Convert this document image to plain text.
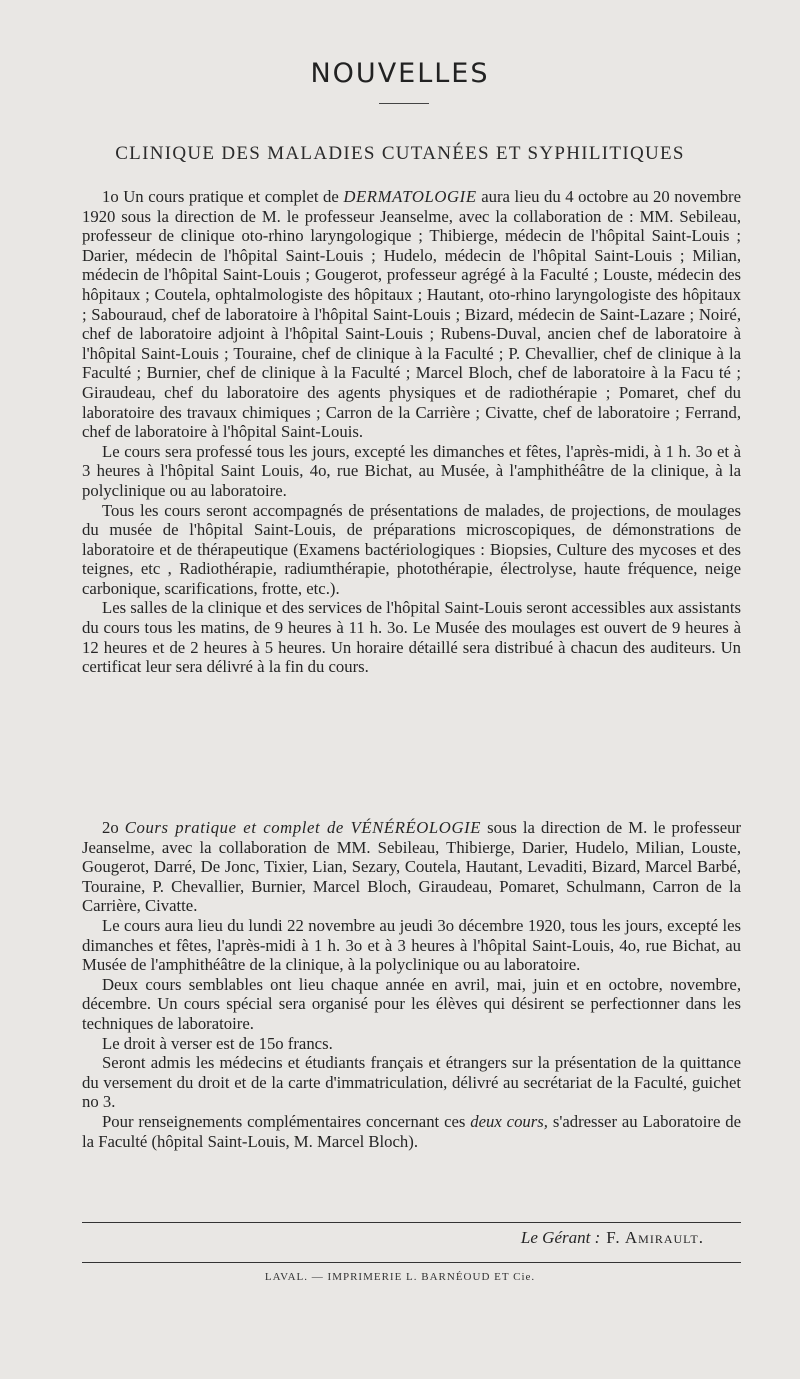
NOUVELLES
CLINIQUE DES MALADIES CUTANÉES ET SYPHILITIQUES

1o Un cours pratique et complet de DERMATOLOGIE aura lieu du 4 octobre au 20 novembre 1920 sous la direction de M. le professeur Jeanselme, avec la collaboration de : MM. Sebileau, professeur de clinique oto-rhino laryngologique ; Thibierge, médecin de l'hôpital Saint-Louis ; Darier, médecin de l'hôpital Saint-Louis ; Hudelo, médecin de l'hôpital Saint-Louis ; Milian, médecin de l'hôpital Saint-Louis ; Gougerot, professeur agrégé à la Faculté ; Louste, médecin des hôpitaux ; Coutela, ophtalmologiste des hôpitaux ; Hautant, oto-rhino laryngologiste des hôpitaux ; Sabouraud, chef de laboratoire à l'hôpital Saint-Louis ; Bizard, médecin de Saint-Lazare ; Noiré, chef de laboratoire adjoint à l'hôpital Saint-Louis ; Rubens-Duval, ancien chef de laboratoire à l'hôpital Saint-Louis ; Touraine, chef de clinique à la Faculté ; P. Chevallier, chef de clinique à la Faculté ; Burnier, chef de clinique à la Faculté ; Marcel Bloch, chef de laboratoire à la Facu té ; Giraudeau, chef du laboratoire des agents physiques et de radiothérapie ; Pomaret, chef du laboratoire des travaux chimiques ; Carron de la Carrière ; Civatte, chef de laboratoire ; Ferrand, chef de laboratoire à l'hôpital Saint-Louis.

Le cours sera professé tous les jours, excepté les dimanches et fêtes, l'après-midi, à 1 h. 3o et à 3 heures à l'hôpital Saint Louis, 4o, rue Bichat, au Musée, à l'amphithéâtre de la clinique, à la polyclinique ou au laboratoire.

Tous les cours seront accompagnés de présentations de malades, de projections, de moulages du musée de l'hôpital Saint-Louis, de préparations microscopiques, de démonstrations de laboratoire et de thérapeutique (Examens bactériologiques : Biopsies, Culture des mycoses et des teignes, etc , Radiothérapie, radiumthérapie, photothérapie, électrolyse, haute fréquence, neige carbonique, scarifications, frotte, etc.).

Les salles de la clinique et des services de l'hôpital Saint-Louis seront accessibles aux assistants du cours tous les matins, de 9 heures à 11 h. 3o. Le Musée des moulages est ouvert de 9 heures à 12 heures et de 2 heures à 5 heures. Un horaire détaillé sera distribué à chacun des auditeurs. Un certificat leur sera délivré à la fin du cours.

2o Cours pratique et complet de VÉNÉRÉOLOGIE sous la direction de M. le professeur Jeanselme, avec la collaboration de MM. Sebileau, Thibierge, Darier, Hudelo, Milian, Louste, Gougerot, Darré, De Jonc, Tixier, Lian, Sezary, Coutela, Hautant, Levaditi, Bizard, Marcel Barbé, Touraine, P. Chevallier, Burnier, Marcel Bloch, Giraudeau, Pomaret, Schulmann, Carron de la Carrière, Civatte.

Le cours aura lieu du lundi 22 novembre au jeudi 3o décembre 1920, tous les jours, excepté les dimanches et fêtes, l'après-midi à 1 h. 3o et à 3 heures à l'hôpital Saint-Louis, 4o, rue Bichat, au Musée de l'amphithéâtre de la clinique, à la polyclinique ou au laboratoire.

Deux cours semblables ont lieu chaque année en avril, mai, juin et en octobre, novembre, décembre. Un cours spécial sera organisé pour les élèves qui désirent se perfectionner dans les techniques de laboratoire.

Le droit à verser est de 15o francs.

Seront admis les médecins et étudiants français et étrangers sur la présentation de la quittance du versement du droit et de la carte d'immatriculation, délivré au secrétariat de la Faculté, guichet no 3.

Pour renseignements complémentaires concernant ces deux cours, s'adresser au Laboratoire de la Faculté (hôpital Saint-Louis, M. Marcel Bloch).

Le Gérant : F. Amirault.
LAVAL. — IMPRIMERIE L. BARNÉOUD ET Cie.
